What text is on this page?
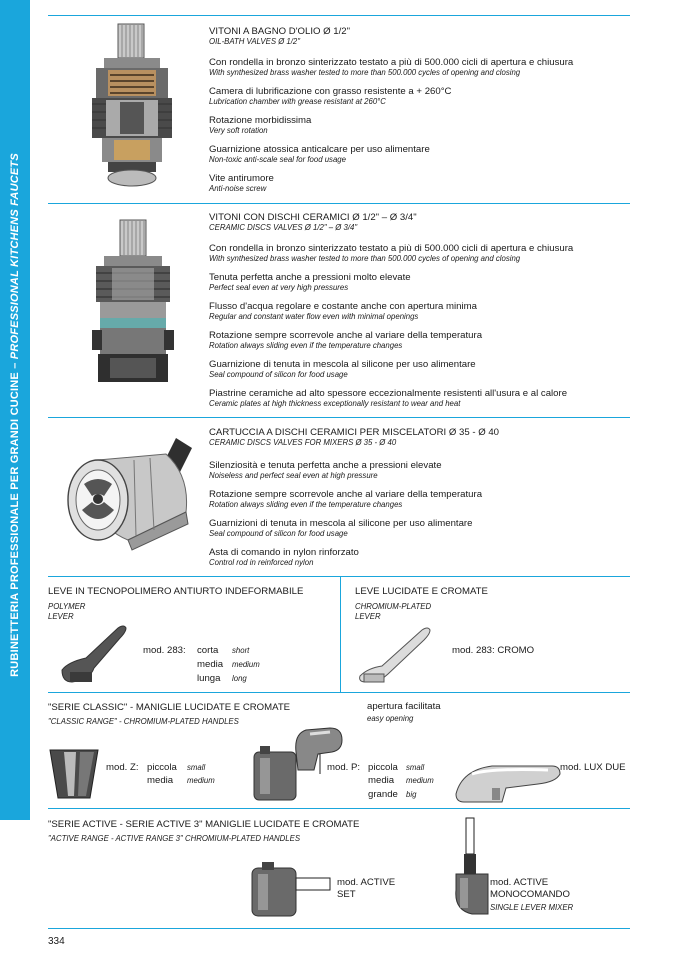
RUBINETTERIA PROFESSIONALE PER GRANDI CUCINE – PROFESSIONAL KITCHENS FAUCETS
VITONI A BAGNO D'OLIO Ø 1/2"
OIL-BATH VALVES Ø 1/2"
Con rondella in bronzo sinterizzato testato a più di 500.000 cicli di apertura e chiusura
With synthesized brass washer tested to more than 500.000 cycles of opening and closing
Camera di lubrificazione con grasso resistente a + 260°C
Lubrication chamber with grease resistant at 260°C
Rotazione morbidissima
Very soft rotation
Guarnizione atossica anticalcare per uso alimentare
Non-toxic anti-scale seal for food usage
Vite antirumore
Anti-noise screw
VITONI CON DISCHI CERAMICI Ø 1/2" – Ø 3/4"
CERAMIC DISCS VALVES Ø 1/2" – Ø 3/4"
Con rondella in bronzo sinterizzato testato a più di 500.000 cicli di apertura e chiusura
With synthesized brass washer tested to more than 500.000 cycles of opening and closing
Tenuta perfetta anche a pressioni molto elevate
Perfect seal even at very high pressures
Flusso d'acqua regolare e costante anche con apertura minima
Regular and constant water flow even with minimal openings
Rotazione sempre scorrevole anche al variare della temperatura
Rotation always sliding even if the temperature changes
Guarnizione di tenuta in mescola al silicone per uso alimentare
Seal compound of silicon for food usage
Piastrine ceramiche ad alto spessore eccezionalmente resistenti all'usura e al calore
Ceramic plates at high thickness exceptionally resistant to wear and heat
CARTUCCIA A DISCHI CERAMICI PER MISCELATORI Ø 35 - Ø 40
CERAMIC DISCS VALVES FOR MIXERS Ø 35 - Ø 40
Silenziosità e tenuta perfetta anche a pressioni elevate
Noiseless and perfect seal even at high pressure
Rotazione sempre scorrevole anche al variare della temperatura
Rotation always sliding even if the temperature changes
Guarnizioni di tenuta in mescola al silicone per uso alimentare
Seal compound of silicon for food usage
Asta di comando in nylon rinforzato
Control rod in reinforced nylon
LEVE IN TECNOPOLIMERO ANTIURTO INDEFORMABILE
POLYMER
LEVER
mod. 283: corta short
media medium
lunga long
LEVE LUCIDATE E CROMATE
CHROMIUM-PLATED
LEVER
mod. 283: CROMO
"SERIE CLASSIC" - MANIGLIE LUCIDATE E CROMATE
"CLASSIC RANGE" - CHROMIUM-PLATED HANDLES
apertura facilitata
easy opening
mod. Z: piccola small
media medium
mod. P: piccola small
media medium
grande big
mod. LUX DUE
"SERIE ACTIVE - SERIE ACTIVE 3" MANIGLIE LUCIDATE E CROMATE
"ACTIVE RANGE - ACTIVE RANGE 3" CHROMIUM-PLATED HANDLES
mod. ACTIVE
SET
mod. ACTIVE
MONOCOMANDO
SINGLE LEVER MIXER
334
